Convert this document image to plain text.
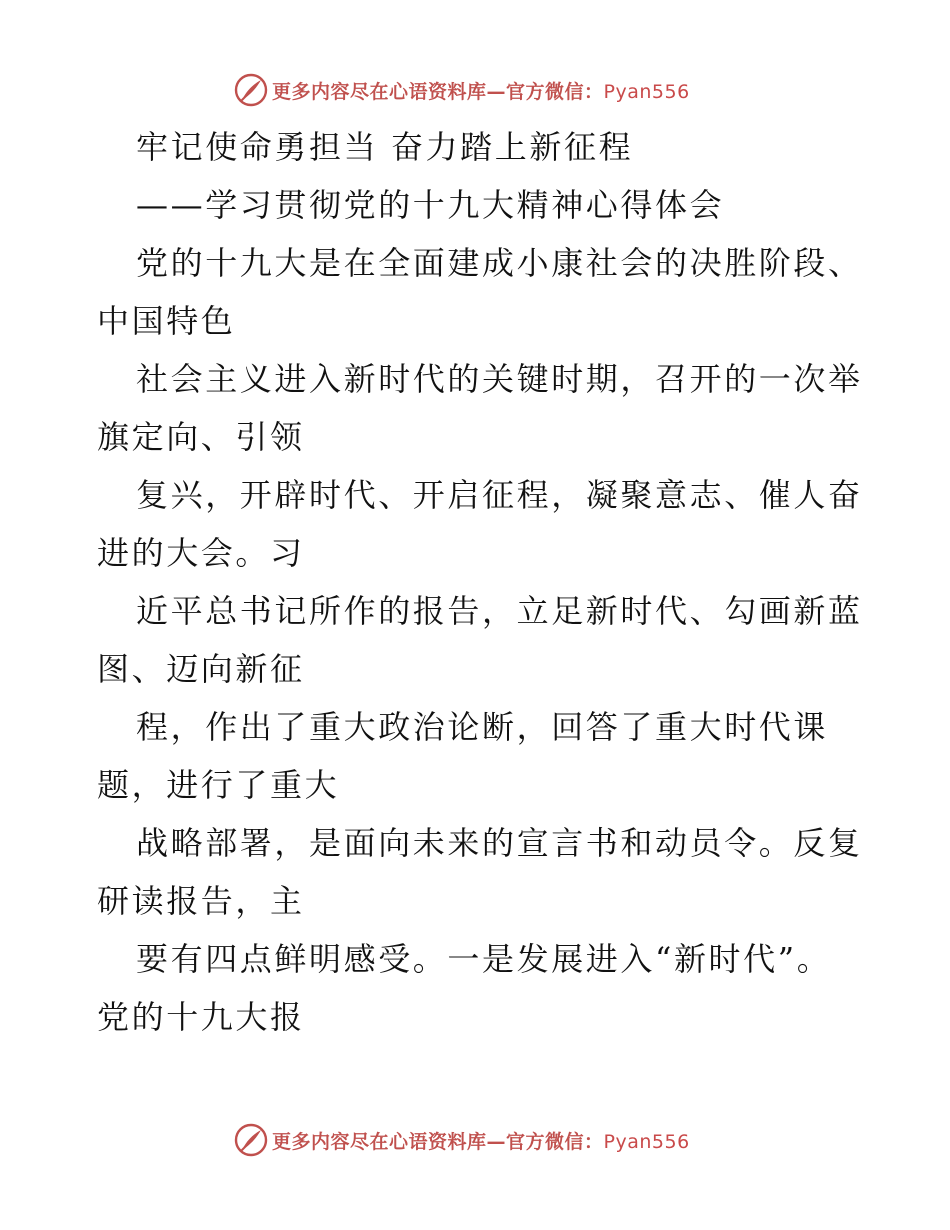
更多内容尽在心语资料库—官方微信：Pyan556
牢记使命勇担当 奋力踏上新征程
——学习贯彻党的十九大精神心得体会
党的十九大是在全面建成小康社会的决胜阶段、
中国特色
社会主义进入新时代的关键时期，召开的一次举
旗定向、引领
复兴，开辟时代、开启征程，凝聚意志、催人奋
进的大会。习
近平总书记所作的报告，立足新时代、勾画新蓝
图、迈向新征
程，作出了重大政治论断，回答了重大时代课
题，进行了重大
战略部署，是面向未来的宣言书和动员令。反复
研读报告，主
要有四点鲜明感受。一是发展进入“新时代”。
党的十九大报
更多内容尽在心语资料库—官方微信：Pyan556
